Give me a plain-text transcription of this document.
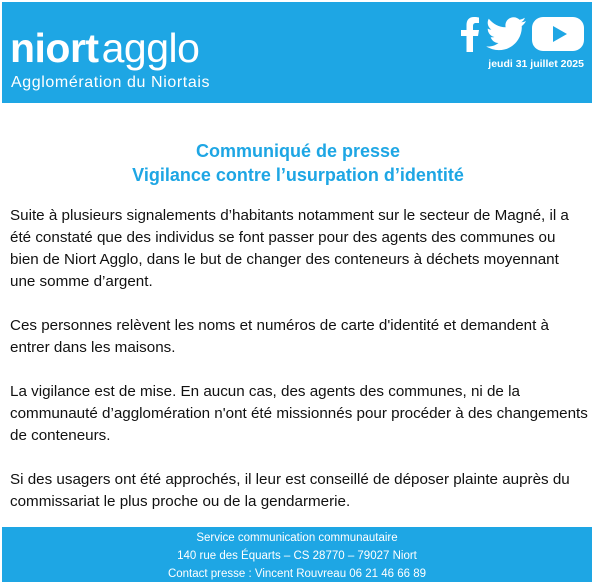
niortagglo
Agglomération du Niortais
jeudi 31 juillet 2025
Communiqué de presse
Vigilance contre l’usurpation d’identité

Suite à plusieurs signalements d’habitants notamment sur le secteur de Magné, il a été constaté que des individus se font passer pour des agents des communes ou bien de Niort Agglo, dans le but de changer des conteneurs à déchets moyennant une somme d’argent.

Ces personnes relèvent les noms et numéros de carte d'identité et demandent à entrer dans les maisons.

La vigilance est de mise. En aucun cas, des agents des communes, ni de la communauté d’agglomération n'ont été missionnés pour procéder à des changements de conteneurs.

Si des usagers ont été approchés, il leur est conseillé de déposer plainte auprès du commissariat le plus proche ou de la gendarmerie.

Service communication communautaire
140 rue des Équarts – CS 28770 – 79027 Niort
Contact presse : Vincent Rouvreau 06 21 46 66 89
